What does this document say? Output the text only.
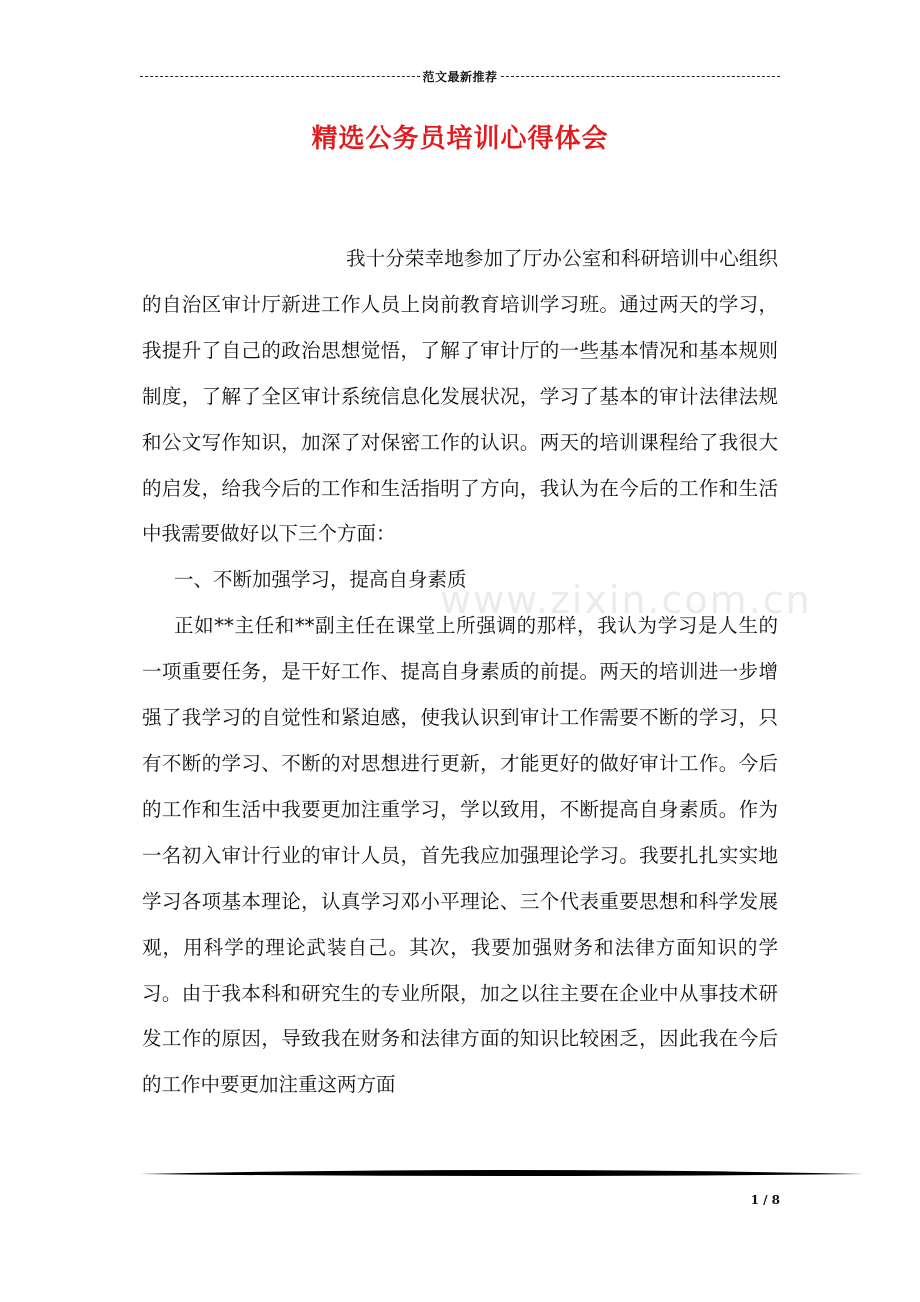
范文最新推荐
精选公务员培训心得体会
www.zixin.com.cn

我十分荣幸地参加了厅办公室和科研培训中心组织的自治区审计厅新进工作人员上岗前教育培训学习班。通过两天的学习，我提升了自己的政治思想觉悟，了解了审计厅的一些基本情况和基本规则制度，了解了全区审计系统信息化发展状况，学习了基本的审计法律法规和公文写作知识，加深了对保密工作的认识。两天的培训课程给了我很大的启发，给我今后的工作和生活指明了方向，我认为在今后的工作和生活中我需要做好以下三个方面：

一、不断加强学习，提高自身素质

正如**主任和**副主任在课堂上所强调的那样，我认为学习是人生的一项重要任务，是干好工作、提高自身素质的前提。两天的培训进一步增强了我学习的自觉性和紧迫感，使我认识到审计工作需要不断的学习，只有不断的学习、不断的对思想进行更新，才能更好的做好审计工作。今后的工作和生活中我要更加注重学习，学以致用，不断提高自身素质。作为一名初入审计行业的审计人员，首先我应加强理论学习。我要扎扎实实地学习各项基本理论，认真学习邓小平理论、三个代表重要思想和科学发展观，用科学的理论武装自己。其次，我要加强财务和法律方面知识的学习。由于我本科和研究生的专业所限，加之以往主要在企业中从事技术研发工作的原因，导致我在财务和法律方面的知识比较困乏，因此我在今后的工作中要更加注重这两方面

1 / 8
